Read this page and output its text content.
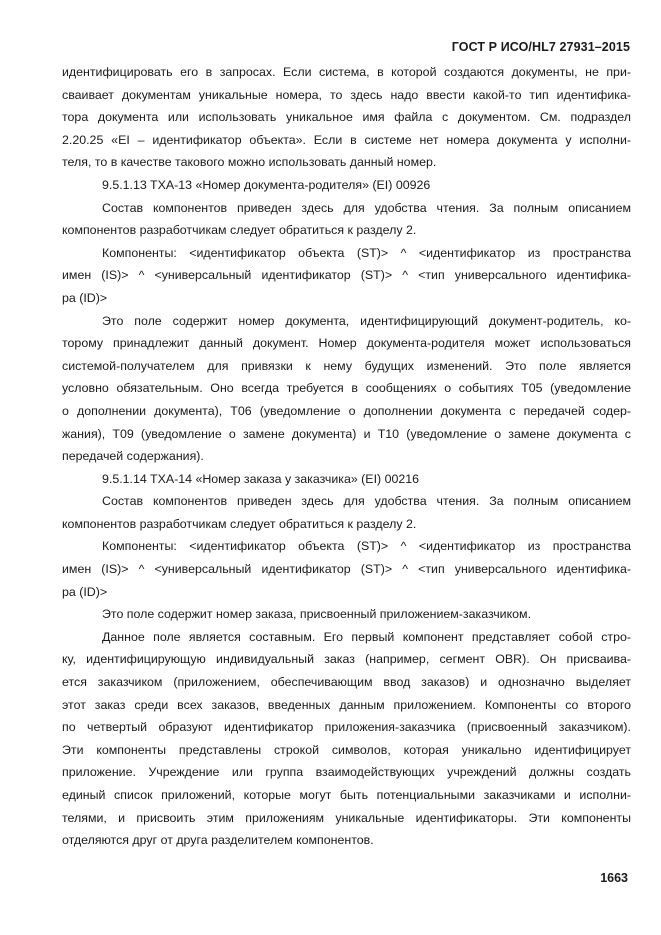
ГОСТ Р ИСО/HL7 27931–2015
идентифицировать его в запросах. Если система, в которой создаются документы, не при-
сваивает документам уникальные номера, то здесь надо ввести какой-то тип идентифика-
тора документа или использовать уникальное имя файла с документом. См. подраздел
2.20.25 «EI – идентификатор объекта». Если в системе нет номера документа у исполни-
теля, то в качестве такового можно использовать данный номер.
9.5.1.13 TXA-13 «Номер документа-родителя» (EI) 00926
Состав компонентов приведен здесь для удобства чтения. За полным описанием
компонентов разработчикам следует обратиться к разделу 2.
Компоненты: <идентификатор объекта (ST)> ^ <идентификатор из пространства
имен (IS)> ^ <универсальный идентификатор (ST)> ^ <тип универсального идентифика-
ра (ID)>
Это поле содержит номер документа, идентифицирующий документ-родитель, ко-
торому принадлежит данный документ. Номер документа-родителя может использоваться
системой-получателем для привязки к нему будущих изменений. Это поле является
условно обязательным. Оно всегда требуется в сообщениях о событиях T05 (уведомление
о дополнении документа), T06 (уведомление о дополнении документа с передачей содер-
жания), T09 (уведомление о замене документа) и T10 (уведомление о замене документа с
передачей содержания).
9.5.1.14 TXA-14 «Номер заказа у заказчика» (EI) 00216
Состав компонентов приведен здесь для удобства чтения. За полным описанием
компонентов разработчикам следует обратиться к разделу 2.
Компоненты: <идентификатор объекта (ST)> ^ <идентификатор из пространства
имен (IS)> ^ <универсальный идентификатор (ST)> ^ <тип универсального идентифика-
ра (ID)>
Это поле содержит номер заказа, присвоенный приложением-заказчиком.
Данное поле является составным. Его первый компонент представляет собой стро-
ку, идентифицирующую индивидуальный заказ (например, сегмент OBR). Он присваива-
ется заказчиком (приложением, обеспечивающим ввод заказов) и однозначно выделяет
этот заказ среди всех заказов, введенных данным приложением. Компоненты со второго
по четвертый образуют идентификатор приложения-заказчика (присвоенный заказчиком).
Эти компоненты представлены строкой символов, которая уникально идентифицирует
приложение. Учреждение или группа взаимодействующих учреждений должны создать
единый список приложений, которые могут быть потенциальными заказчиками и исполни-
телями, и присвоить этим приложениям уникальные идентификаторы. Эти компоненты
отделяются друг от друга разделителем компонентов.
1663
